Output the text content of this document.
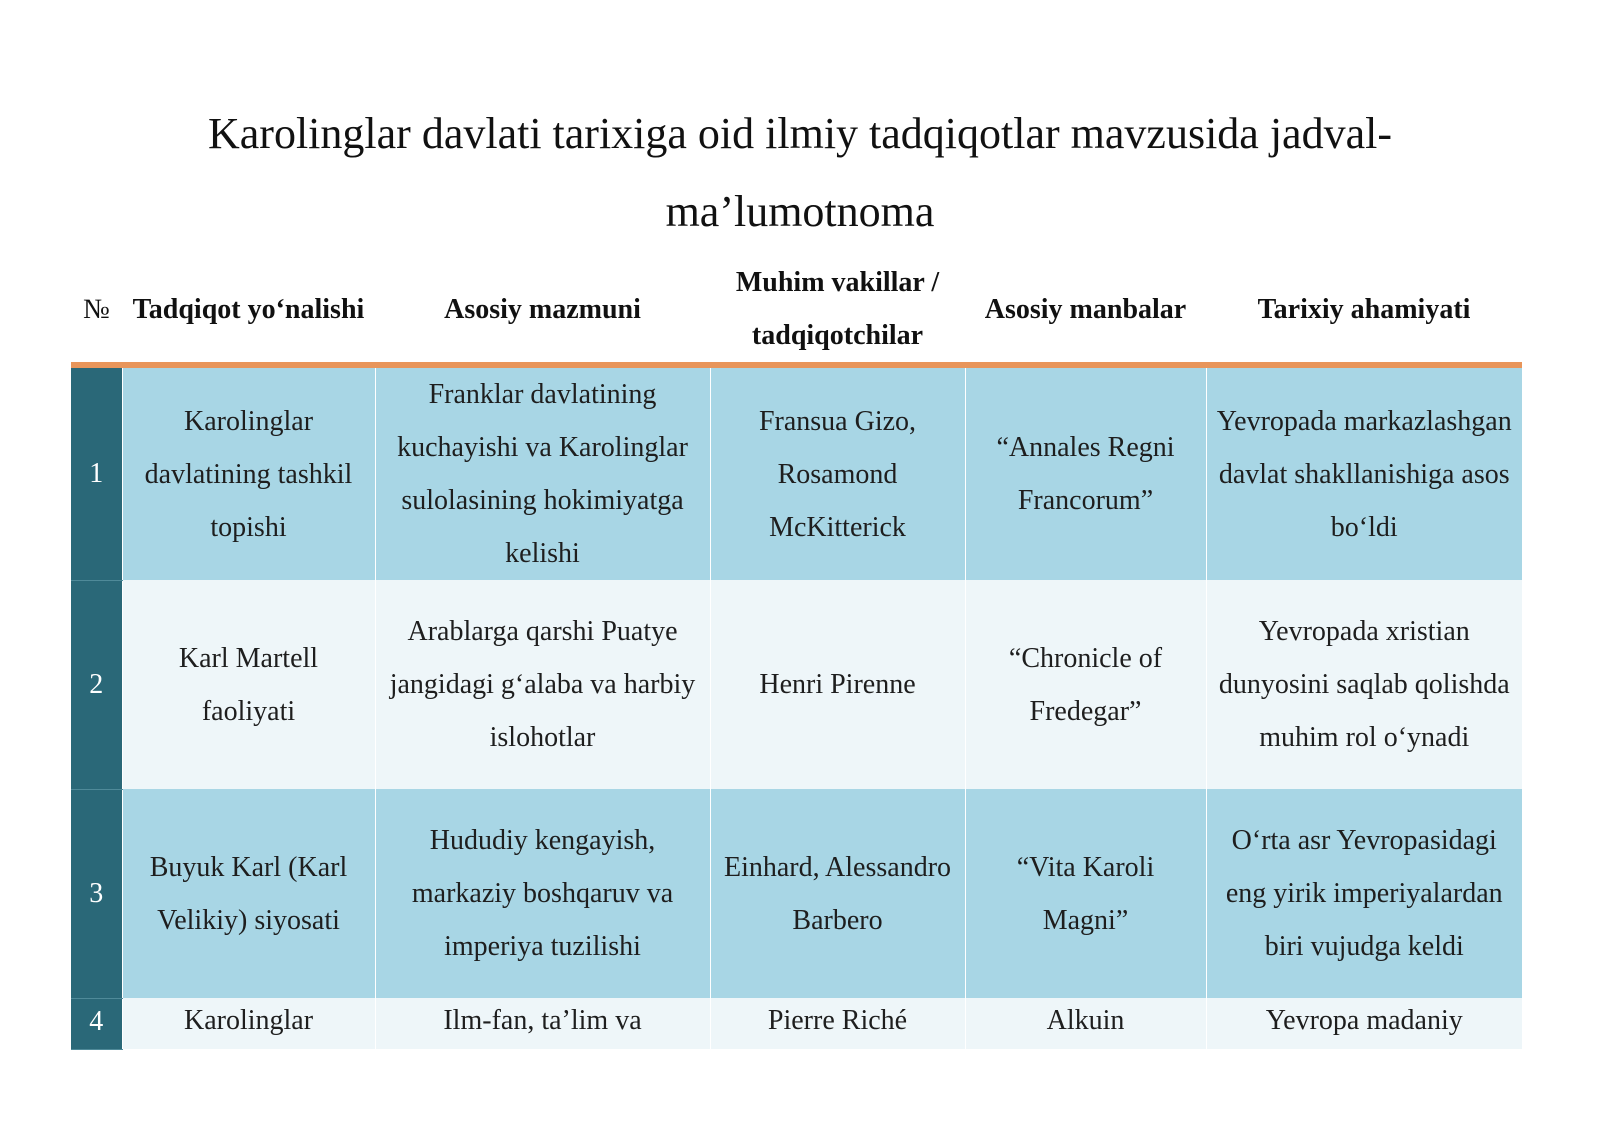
Karolinglar davlati tarixiga oid ilmiy tadqiqotlar mavzusida jadval-
ma’lumotnoma
№	Tadqiqot yo‘nalishi	Asosiy mazmuni	Muhim vakillar / tadqiqotchilar	Asosiy manbalar	Tarixiy ahamiyati
1	Karolinglar davlatining tashkil topishi	Franklar davlatining kuchayishi va Karolinglar sulolasining hokimiyatga kelishi	Fransua Gizo, Rosamond McKitterick	“Annales Regni Francorum”	Yevropada markazlashgan davlat shakllanishiga asos bo‘ldi
2	Karl Martell faoliyati	Arablarga qarshi Puatye jangidagi g‘alaba va harbiy islohotlar	Henri Pirenne	“Chronicle of Fredegar”	Yevropada xristian dunyosini saqlab qolishda muhim rol o‘ynadi
3	Buyuk Karl (Karl Velikiy) siyosati	Hududiy kengayish, markaziy boshqaruv va imperiya tuzilishi	Einhard, Alessandro Barbero	“Vita Karoli Magni”	O‘rta asr Yevropasidagi eng yirik imperiyalardan biri vujudga keldi
4	Karolinglar	Ilm-fan, ta’lim va	Pierre Riché	Alkuin	Yevropa madaniy
